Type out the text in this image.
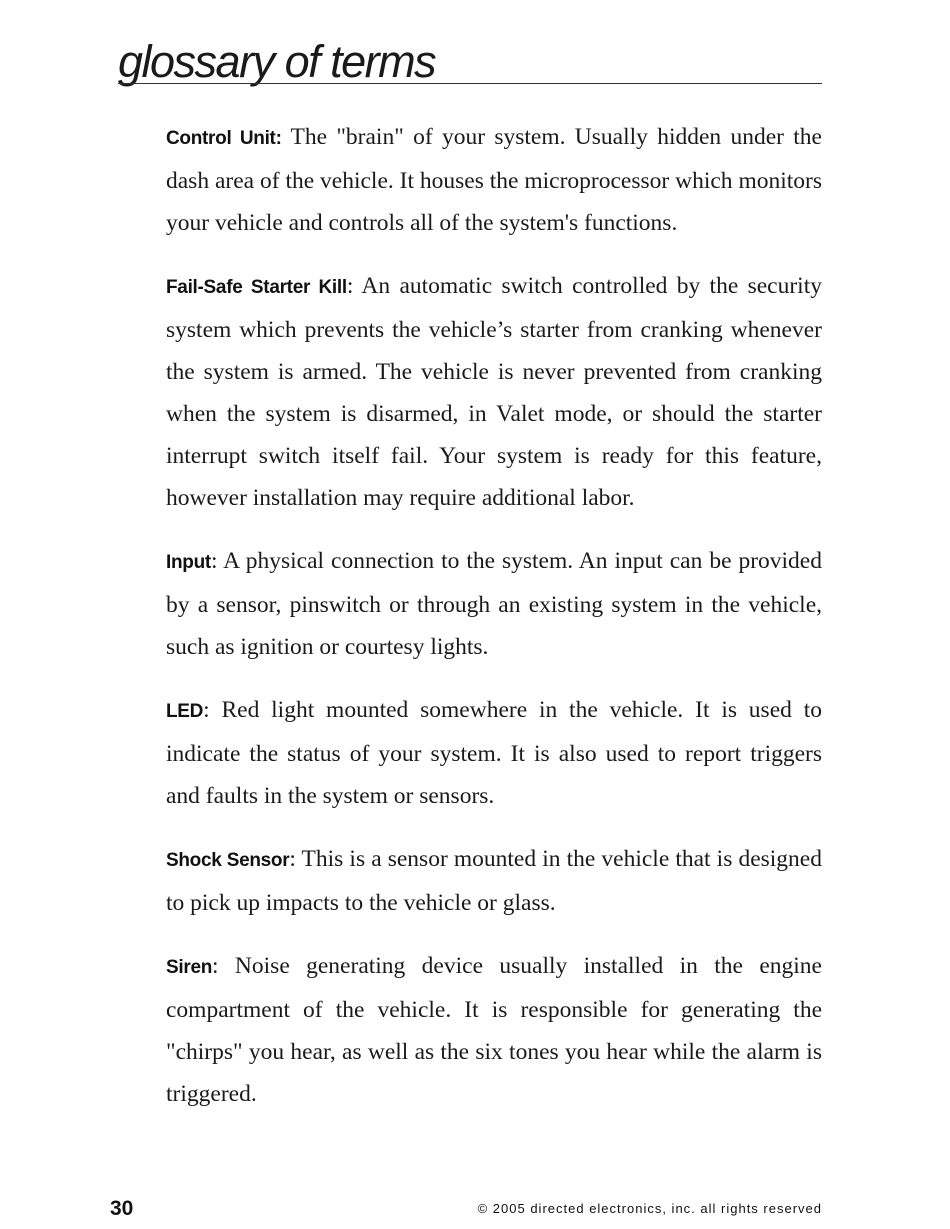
glossary of terms

Control Unit: The "brain" of your system. Usually hidden under the dash area of the vehicle. It houses the microprocessor which monitors your vehicle and controls all of the system's functions.

Fail-Safe Starter Kill: An automatic switch controlled by the security system which prevents the vehicle’s starter from cranking whenever the system is armed. The vehicle is never prevented from cranking when the system is disarmed, in Valet mode, or should the starter interrupt switch itself fail. Your system is ready for this feature, however installation may require additional labor.

Input: A physical connection to the system. An input can be provided by a sensor, pinswitch or through an existing system in the vehicle, such as ignition or courtesy lights.

LED: Red light mounted somewhere in the vehicle. It is used to indicate the status of your system. It is also used to report triggers and faults in the system or sensors.

Shock Sensor: This is a sensor mounted in the vehicle that is designed to pick up impacts to the vehicle or glass.

Siren: Noise generating device usually installed in the engine compartment of the vehicle. It is responsible for generating the "chirps" you hear, as well as the six tones you hear while the alarm is triggered.

30	© 2005 directed electronics, inc. all rights reserved
